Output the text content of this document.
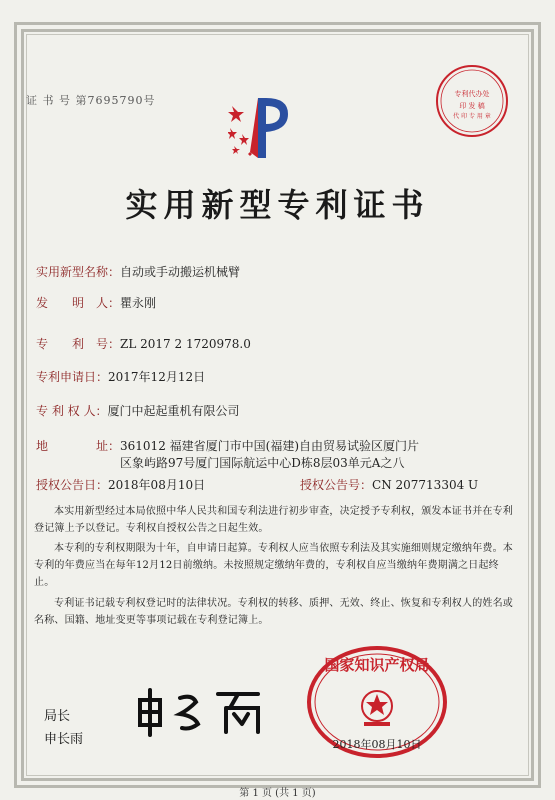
证 书 号 第7695790号	专利代办处
印 发 稿
代 印 专 用 章
实用新型专利证书
实用新型名称：自动或手动搬运机械臂
发　　明　人：瞿永刚
专　　利　号：ZL 2017 2 1720978.0
专利申请日：2017年12月12日
专 利 权 人：厦门中起起重机有限公司
地　　　　址：361012 福建省厦门市中国(福建)自由贸易试验区厦门片
区象屿路97号厦门国际航运中心D栋8层03单元A之八
授权公告日：2018年08月10日	授权公告号：CN 207713304 U
本实用新型经过本局依照中华人民共和国专利法进行初步审查，决定授予专利权，颁发本证书并在专利登记簿上予以登记。专利权自授权公告之日起生效。
本专利的专利权期限为十年，自申请日起算。专利权人应当依照专利法及其实施细则规定缴纳年费。本专利的年费应当在每年12月12日前缴纳。未按照规定缴纳年费的，专利权自应当缴纳年费期满之日起终止。
专利证书记载专利权登记时的法律状况。专利权的转移、质押、无效、终止、恢复和专利权人的姓名或名称、国籍、地址变更等事项记载在专利登记簿上。
局长
申长雨
国家知识产权局
2018年08月10日
第 1 页 (共 1 页)
